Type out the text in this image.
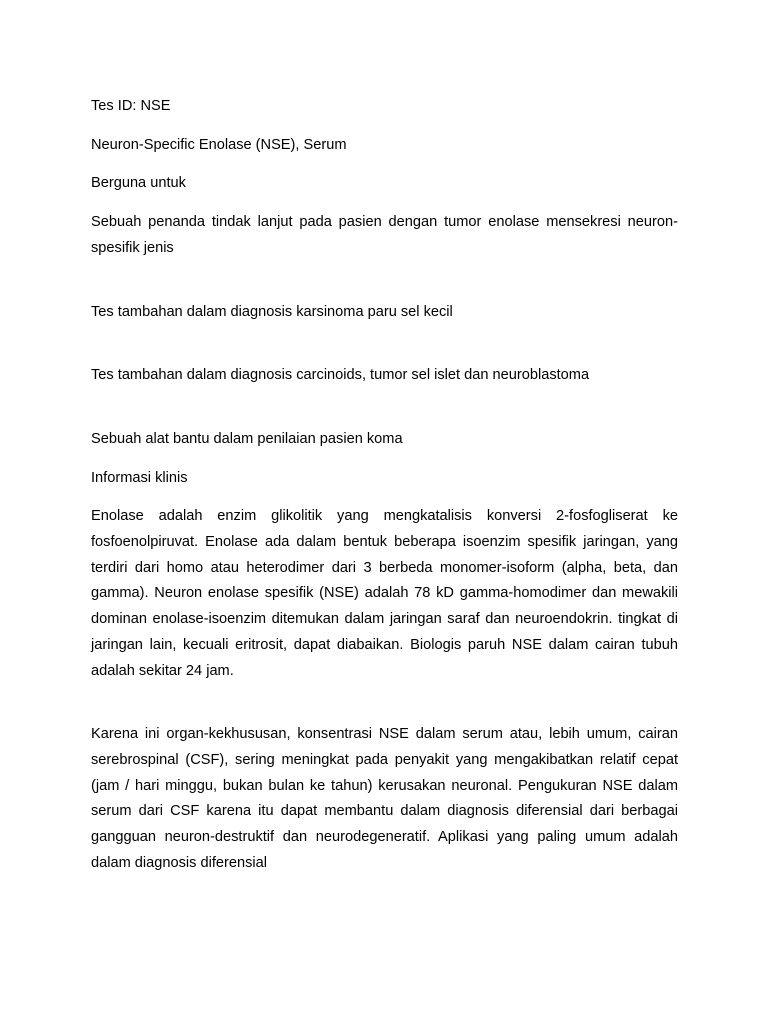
Tes ID: NSE

Neuron-Specific Enolase (NSE), Serum

Berguna untuk

Sebuah penanda tindak lanjut pada pasien dengan tumor enolase mensekresi neuron-spesifik jenis

Tes tambahan dalam diagnosis karsinoma paru sel kecil

Tes tambahan dalam diagnosis carcinoids, tumor sel islet dan neuroblastoma

Sebuah alat bantu dalam penilaian pasien koma

Informasi klinis

Enolase adalah enzim glikolitik yang mengkatalisis konversi 2-fosfogliserat ke fosfoenolpiruvat. Enolase ada dalam bentuk beberapa isoenzim spesifik jaringan, yang terdiri dari homo atau heterodimer dari 3 berbeda monomer-isoform (alpha, beta, dan gamma). Neuron enolase spesifik (NSE) adalah 78 kD gamma-homodimer dan mewakili dominan enolase-isoenzim ditemukan dalam jaringan saraf dan neuroendokrin. tingkat di jaringan lain, kecuali eritrosit, dapat diabaikan. Biologis paruh NSE dalam cairan tubuh adalah sekitar 24 jam.

Karena ini organ-kekhususan, konsentrasi NSE dalam serum atau, lebih umum, cairan serebrospinal (CSF), sering meningkat pada penyakit yang mengakibatkan relatif cepat (jam / hari minggu, bukan bulan ke tahun) kerusakan neuronal. Pengukuran NSE dalam serum dari CSF karena itu dapat membantu dalam diagnosis diferensial dari berbagai gangguan neuron-destruktif dan neurodegeneratif. Aplikasi yang paling umum adalah dalam diagnosis diferensial
